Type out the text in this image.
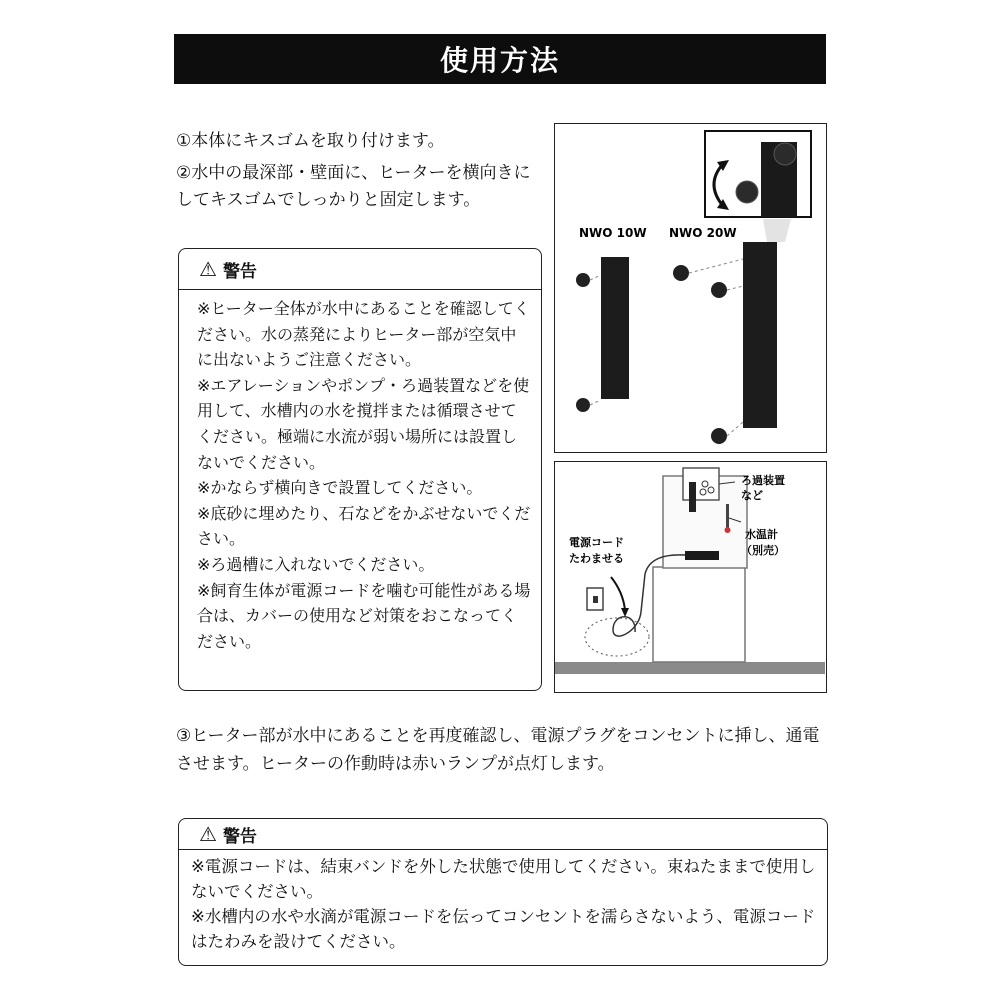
使用方法

①本体にキスゴムを取り付けます。

②水中の最深部・壁面に、ヒーターを横向きにしてキスゴムでしっかりと固定します。

⚠ 警告
※ヒーター全体が水中にあることを確認してください。水の蒸発によりヒーター部が空気中に出ないようご注意ください。
※エアレーションやポンプ・ろ過装置などを使用して、水槽内の水を撹拌または循環させてください。極端に水流が弱い場所には設置しないでください。
※かならず横向きで設置してください。
※底砂に埋めたり、石などをかぶせないでください。
※ろ過槽に入れないでください。
※飼育生体が電源コードを噛む可能性がある場合は、カバーの使用など対策をおこなってください。
NWO 10W NWO 20W
ろ過装置
など
水温計
（別売）
電源コード
たわませる
③ヒーター部が水中にあることを再度確認し、電源プラグをコンセントに挿し、通電させます。ヒーターの作動時は赤いランプが点灯します。
⚠ 警告
※電源コードは、結束バンドを外した状態で使用してください。束ねたままで使用しないでください。
※水槽内の水や水滴が電源コードを伝ってコンセントを濡らさないよう、電源コードはたわみを設けてください。
